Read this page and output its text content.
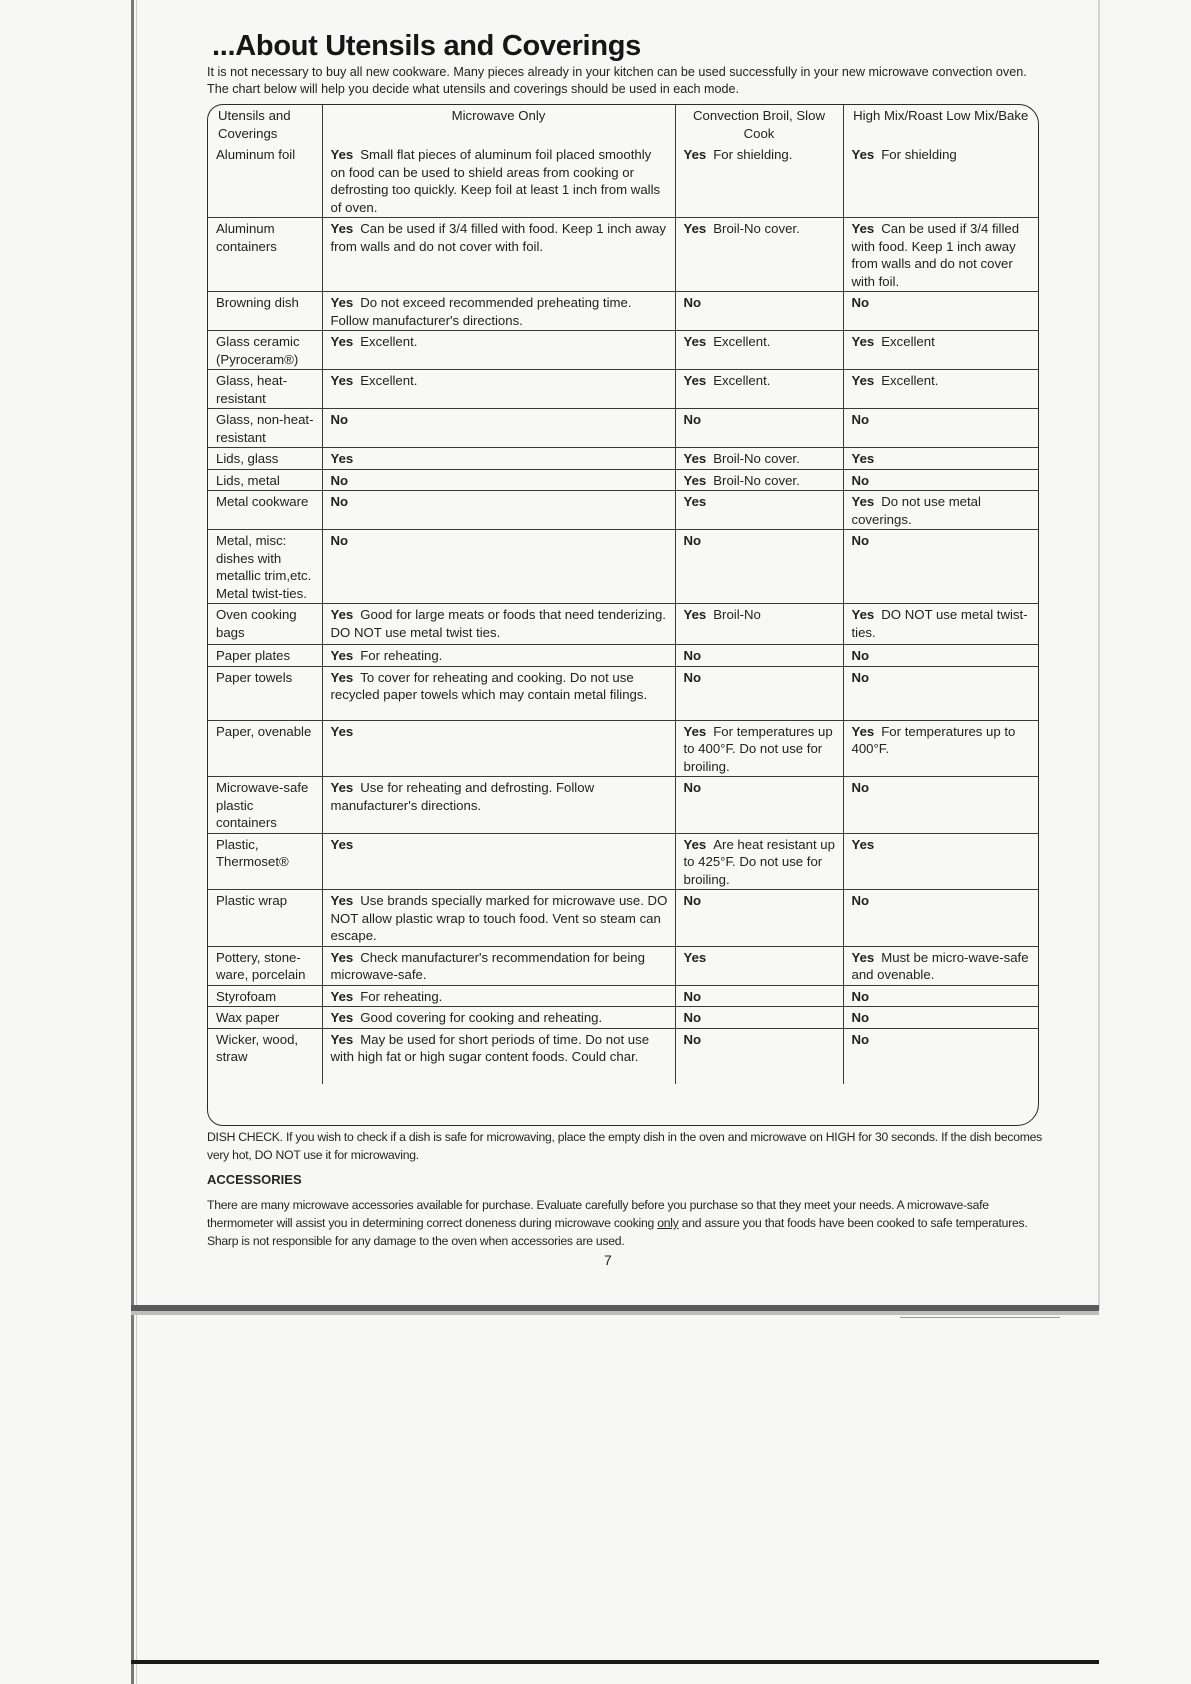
...About Utensils and Coverings
It is not necessary to buy all new cookware. Many pieces already in your kitchen can be used successfully in your new microwave convection oven. The chart below will help you decide what utensils and coverings should be used in each mode.
Utensils and Coverings	Microwave Only	Convection Broil, Slow Cook	High Mix/Roast Low Mix/Bake
Aluminum foil	Yes Small flat pieces of aluminum foil placed smoothly on food can be used to shield areas from cooking or defrosting too quickly. Keep foil at least 1 inch from walls of oven.	Yes For shielding.	Yes For shielding
Aluminum containers	Yes Can be used if 3/4 filled with food. Keep 1 inch away from walls and do not cover with foil.	Yes Broil-No cover.	Yes Can be used if 3/4 filled with food. Keep 1 inch away from walls and do not cover with foil.
Browning dish	Yes Do not exceed recommended preheating time. Follow manufacturer's directions.	No	No
Glass ceramic (Pyroceram®)	Yes Excellent.	Yes Excellent.	Yes Excellent
Glass, heat-resistant	Yes Excellent.	Yes Excellent.	Yes Excellent.
Glass, non-heat-resistant	No	No	No
Lids, glass	Yes	Yes Broil-No cover.	Yes
Lids, metal	No	Yes Broil-No cover.	No
Metal cookware	No	Yes	Yes Do not use metal coverings.
Metal, misc: dishes with metallic trim,etc. Metal twist-ties.	No	No	No
Oven cooking bags	Yes Good for large meats or foods that need tenderizing. DO NOT use metal twist ties.	Yes Broil-No	Yes DO NOT use metal twist-ties.
Paper plates	Yes For reheating.	No	No
Paper towels	Yes To cover for reheating and cooking. Do not use recycled paper towels which may contain metal filings.	No	No
Paper, ovenable	Yes	Yes For temperatures up to 400°F. Do not use for broiling.	Yes For temperatures up to 400°F.
Microwave-safe plastic containers	Yes Use for reheating and defrosting. Follow manufacturer's directions.	No	No
Plastic, Thermoset®	Yes	Yes Are heat resistant up to 425°F. Do not use for broiling.	Yes
Plastic wrap	Yes Use brands specially marked for microwave use. DO NOT allow plastic wrap to touch food. Vent so steam can escape.	No	No
Pottery, stone-ware, porcelain	Yes Check manufacturer's recommendation for being microwave-safe.	Yes	Yes Must be micro-wave-safe and ovenable.
Styrofoam	Yes For reheating.	No	No
Wax paper	Yes Good covering for cooking and reheating.	No	No
Wicker, wood, straw	Yes May be used for short periods of time. Do not use with high fat or high sugar content foods. Could char.	No	No
DISH CHECK. If you wish to check if a dish is safe for microwaving, place the empty dish in the oven and microwave on HIGH for 30 seconds. If the dish becomes very hot, DO NOT use it for microwaving.
ACCESSORIES
There are many microwave accessories available for purchase. Evaluate carefully before you purchase so that they meet your needs. A microwave-safe thermometer will assist you in determining correct doneness during microwave cooking only and assure you that foods have been cooked to safe temperatures. Sharp is not responsible for any damage to the oven when accessories are used.
7
